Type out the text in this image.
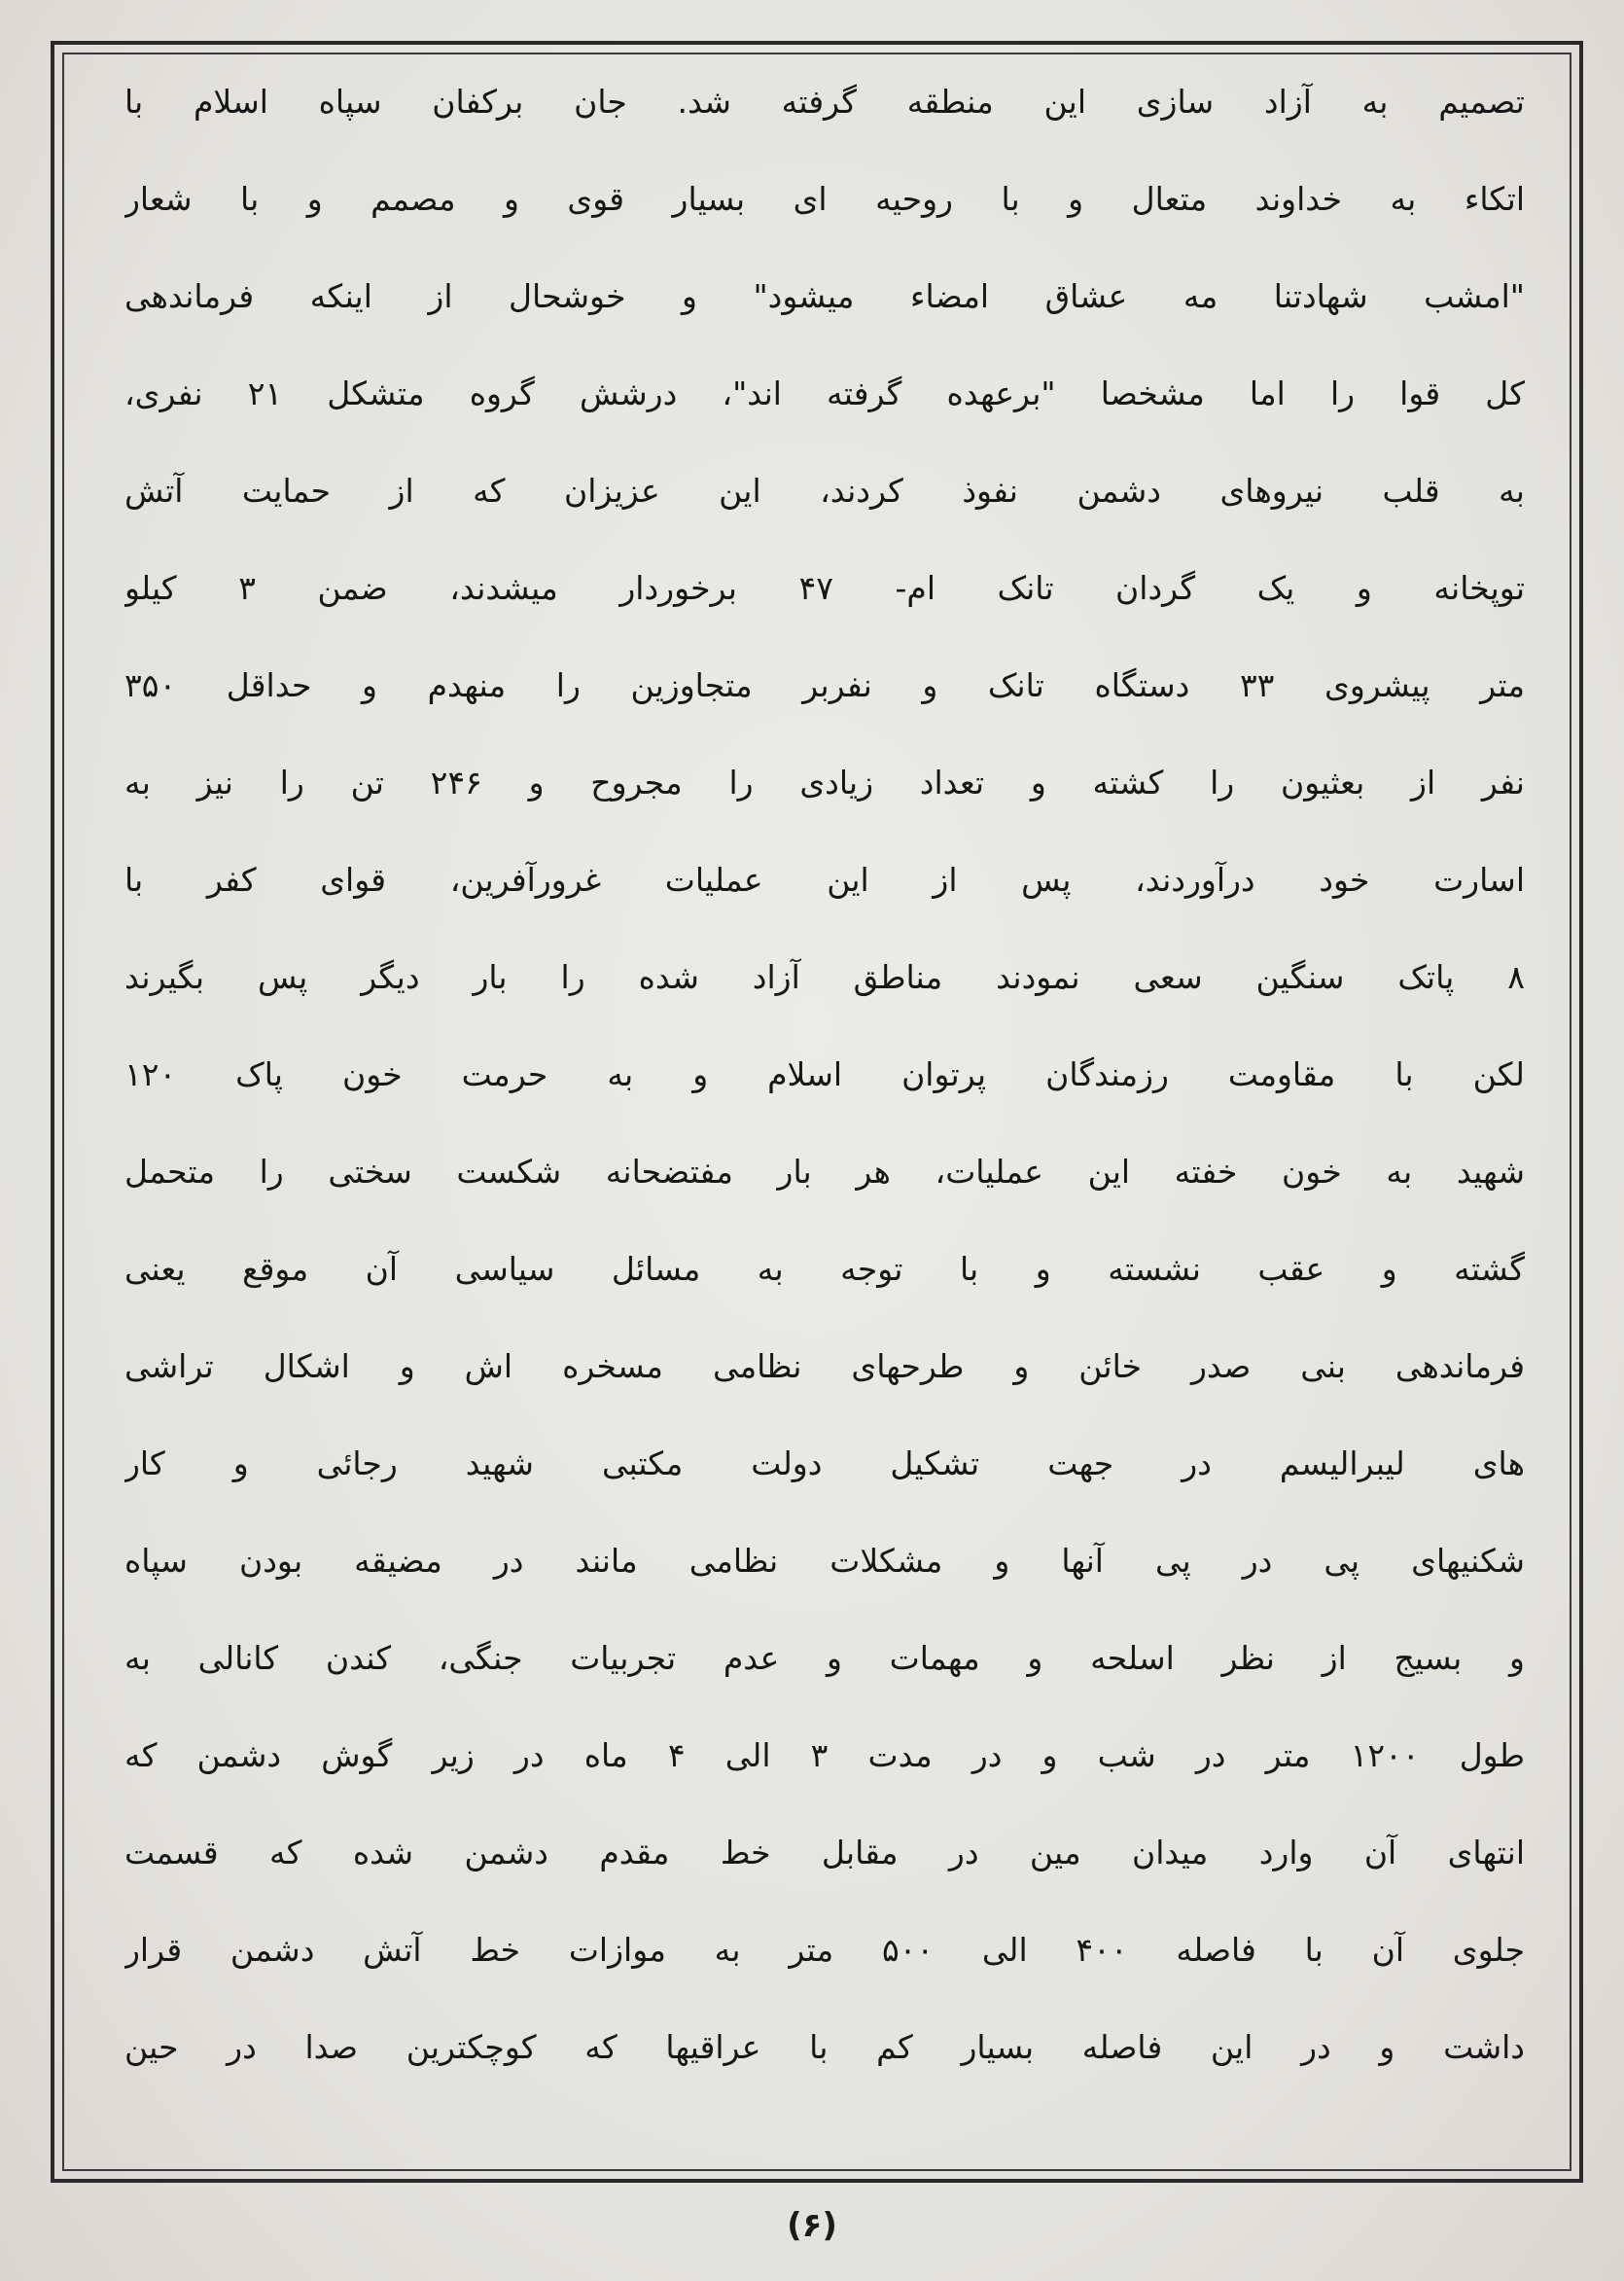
تصمیم به آزاد سازی این منطقه گرفته شد. جان برکفان سپاه اسلام با
اتکاء به خداوند متعال و با روحیه ای بسیار قوی و مصمم و با شعار
"امشب شهادتنا مه عشاق امضاء میشود" و خوشحال از اینکه فرماندهی
کل قوا را اما مشخصا "برعهده گرفته اند"، درشش گروه متشکل ۲۱ نفری،
به قلب نیروهای دشمن نفوذ کردند، این عزیزان که از حمایت آتش
توپخانه و یک گردان تانک ام- ۴۷ برخوردار میشدند، ضمن ۳ کیلو
متر پیشروی ۳۳ دستگاه تانک و نفربر متجاوزین را منهدم و حداقل ۳۵۰
نفر از بعثیون را کشته و تعداد زیادی را مجروح و ۲۴۶ تن را نیز به
اسارت خود درآوردند، پس از این عملیات غرورآفرین، قوای کفر با
۸ پاتک سنگین سعی نمودند مناطق آزاد شده را بار دیگر پس بگیرند
لکن با مقاومت رزمندگان پرتوان اسلام و به حرمت خون پاک ۱۲۰
شهید به خون خفته این عملیات، هر بار مفتضحانه شکست سختی را متحمل
گشته و عقب نشسته و با توجه به مسائل سیاسی آن موقع یعنی
فرماندهی بنی صدر خائن و طرحهای نظامی مسخره اش و اشکال تراشی
های لیبرالیسم در جهت تشکیل دولت مکتبی شهید رجائی و کار
شکنیهای پی در پی آنها و مشکلات نظامی مانند در مضیقه بودن سپاه
و بسیج از نظر اسلحه و مهمات و عدم تجربیات جنگی، کندن کانالی به
طول ۱۲۰۰ متر در شب و در مدت ۳ الی ۴ ماه در زیر گوش دشمن که
انتهای آن وارد میدان مین در مقابل خط مقدم دشمن شده که قسمت
جلوی آن با فاصله ۴۰۰ الی ۵۰۰ متر به موازات خط آتش دشمن قرار
داشت و در این فاصله بسیار کم با عراقیها که کوچکترین صدا در حین
(۶)
